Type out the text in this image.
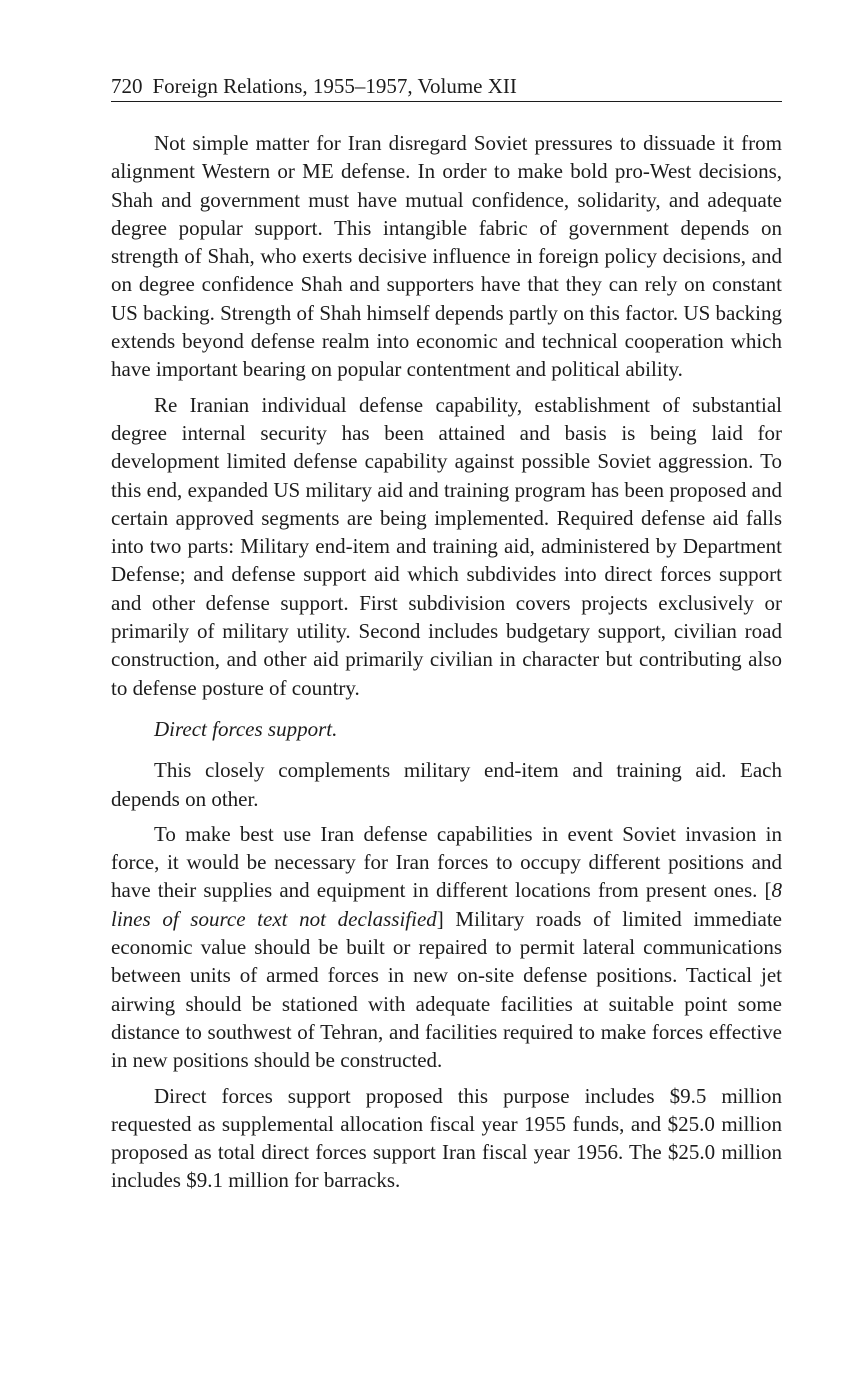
720 Foreign Relations, 1955–1957, Volume XII

Not simple matter for Iran disregard Soviet pressures to dissuade it from alignment Western or ME defense. In order to make bold pro-West decisions, Shah and government must have mutual confidence, solidarity, and adequate degree popular support. This intangible fabric of government depends on strength of Shah, who exerts decisive influence in foreign policy decisions, and on degree confidence Shah and supporters have that they can rely on constant US backing. Strength of Shah himself depends partly on this factor. US backing extends beyond defense realm into economic and technical cooperation which have important bearing on popular contentment and political ability.

Re Iranian individual defense capability, establishment of substantial degree internal security has been attained and basis is being laid for development limited defense capability against possible Soviet aggression. To this end, expanded US military aid and training program has been proposed and certain approved segments are being implemented. Required defense aid falls into two parts: Military end-item and training aid, administered by Department Defense; and defense support aid which subdivides into direct forces support and other defense support. First subdivision covers projects exclusively or primarily of military utility. Second includes budgetary support, civilian road construction, and other aid primarily civilian in character but contributing also to defense posture of country.

Direct forces support.

This closely complements military end-item and training aid. Each depends on other.

To make best use Iran defense capabilities in event Soviet invasion in force, it would be necessary for Iran forces to occupy different positions and have their supplies and equipment in different locations from present ones. [8 lines of source text not declassified] Military roads of limited immediate economic value should be built or repaired to permit lateral communications between units of armed forces in new on-site defense positions. Tactical jet airwing should be stationed with adequate facilities at suitable point some distance to southwest of Tehran, and facilities required to make forces effective in new positions should be constructed.

Direct forces support proposed this purpose includes $9.5 million requested as supplemental allocation fiscal year 1955 funds, and $25.0 million proposed as total direct forces support Iran fiscal year 1956. The $25.0 million includes $9.1 million for barracks.
